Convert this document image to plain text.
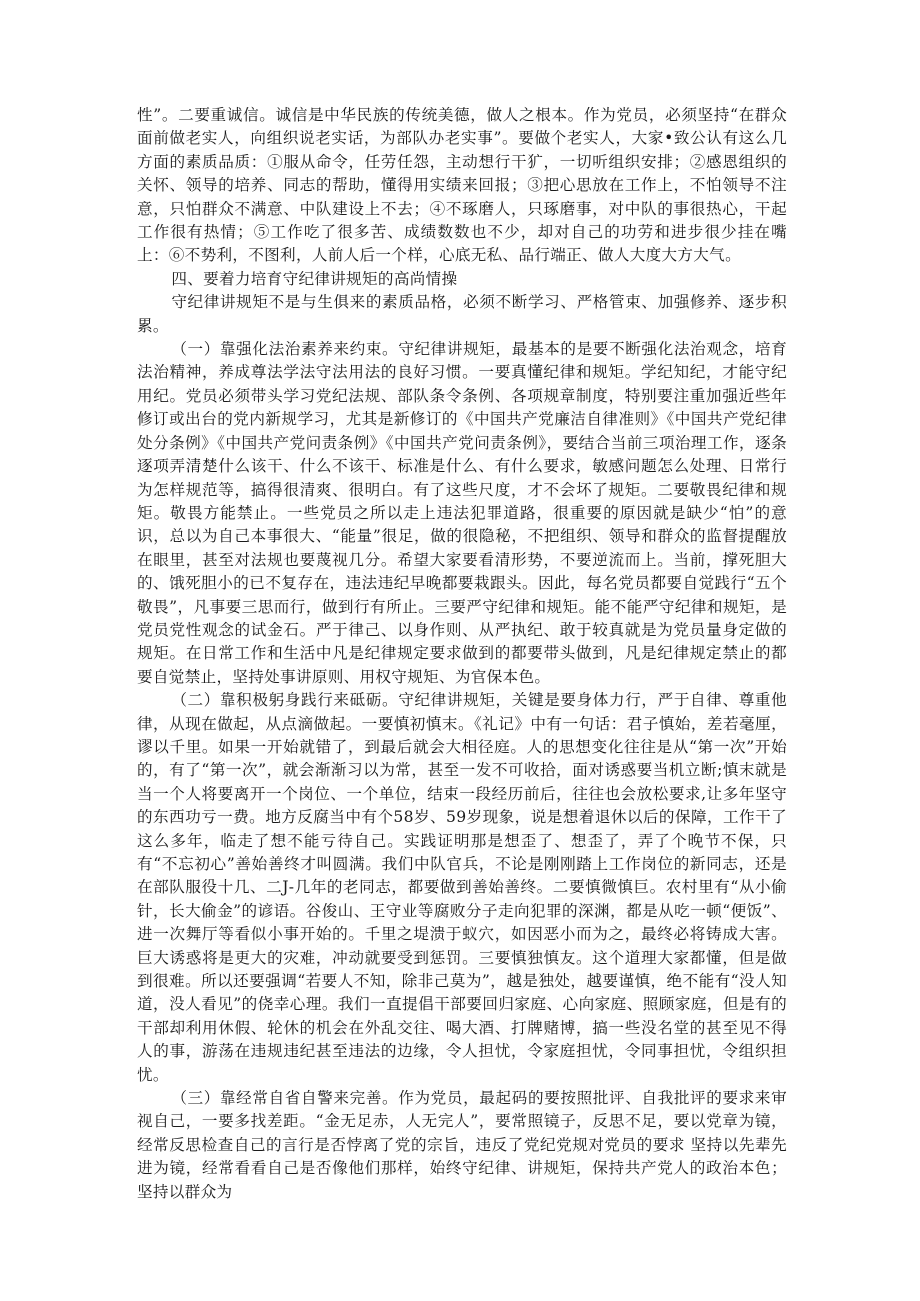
性”。二要重诚信。诚信是中华民族的传统美德，做人之根本。作为党员，必须坚持“在群众面前做老实人，向组织说老实话，为部队办老实事”。要做个老实人，大家•致公认有这么几方面的素质品质：①服从命令，任劳任怨，主动想行干犷，一切听组织安排；②感恩组织的关怀、领导的培养、同志的帮助，懂得用实绩来回报；③把心思放在工作上，不怕领导不注意，只怕群众不满意、中队建设上不去；④不琢磨人，只琢磨事，对中队的事很热心，干起工作很有热情；⑤工作吃了很多苦、成绩数数也不少，却对自己的功劳和进步很少挂在嘴上：⑥不势利，不图利，人前人后一个样，心底无私、品行端正、做人大度大方大气。

四、要着力培育守纪律讲规矩的高尚情操

守纪律讲规矩不是与生俱来的素质品格，必须不断学习、严格管束、加强修养、逐步积累。

（一）靠强化法治素养来约束。守纪律讲规矩，最基本的是要不断强化法治观念，培育法治精神，养成尊法学法守法用法的良好习惯。一要真懂纪律和规矩。学纪知纪，才能守纪用纪。党员必须带头学习党纪法规、部队条令条例、各项规章制度，特别要注重加强近些年修订或出台的党内新规学习，尤其是新修订的《中国共产党廉洁自律准则》《中国共产党纪律处分条例》《中国共产党问责条例》《中国共产党问责条例》，要结合当前三项治理工作，逐条逐项弄清楚什么该干、什么不该干、标准是什么、有什么要求，敏感问题怎么处理、日常行为怎样规范等，搞得很清爽、很明白。有了这些尺度，才不会坏了规矩。二要敬畏纪律和规矩。敬畏方能禁止。一些党员之所以走上违法犯罪道路，很重要的原因就是缺少“怕”的意识，总以为自己本事很大、“能量”很足，做的很隐秘，不把组织、领导和群众的监督提醒放在眼里，甚至对法规也要蔑视几分。希望大家要看清形势，不要逆流而上。当前，撑死胆大的、饿死胆小的已不复存在，违法违纪早晚都要栽跟头。因此，每名党员都要自觉践行“五个敬畏”，凡事要三思而行，做到行有所止。三要严守纪律和规矩。能不能严守纪律和规矩，是党员党性观念的试金石。严于律己、以身作则、从严执纪、敢于较真就是为党员量身定做的规矩。在日常工作和生活中凡是纪律规定要求做到的都要带头做到，凡是纪律规定禁止的都要自觉禁止，坚持处事讲原则、用权守规矩、为官保本色。

（二）靠积极躬身践行来砥砺。守纪律讲规矩，关键是要身体力行，严于自律、尊重他律，从现在做起，从点滴做起。一要慎初慎末。《礼记》中有一句话：君子慎始，差若毫厘，谬以千里。如果一开始就错了，到最后就会大相径庭。人的思想变化往往是从“第一次”开始的，有了“第一次”，就会渐渐习以为常，甚至一发不可收拾，面对诱惑要当机立断;慎末就是当一个人将要离开一个岗位、一个单位，结束一段经历前后，往往也会放松要求,让多年坚守的东西功亏一费。地方反腐当中有个58岁、59岁现象，说是想着退休以后的保障，工作干了这么多年，临走了想不能亏待自己。实践证明那是想歪了、想歪了，弄了个晚节不保，只有“不忘初心”善始善终才叫圆满。我们中队官兵，不论是刚刚踏上工作岗位的新同志，还是在部队服役十几、二J-几年的老同志，都要做到善始善终。二要慎微慎巨。农村里有“从小偷针，长大偷金”的谚语。谷俊山、王守业等腐败分子走向犯罪的深渊，都是从吃一顿“便饭”、进一次舞厅等看似小事开始的。千里之堤溃于蚁穴，如因恶小而为之，最终必将铸成大害。巨大诱惑将是更大的灾难，冲动就要受到惩罚。三要慎独慎友。这个道理大家都懂，但是做到很难。所以还要强调“若要人不知，除非己莫为”，越是独处，越要谨慎，绝不能有“没人知道，没人看见”的侥幸心理。我们一直提倡干部要回归家庭、心向家庭、照顾家庭，但是有的干部却利用休假、轮休的机会在外乱交往、喝大酒、打牌赌博，搞一些没名堂的甚至见不得人的事，游荡在违规违纪甚至违法的边缘，令人担忧，令家庭担忧，令同事担忧，令组织担忧。

（三）靠经常自省自警来完善。作为党员，最起码的要按照批评、自我批评的要求来审视自己，一要多找差距。“金无足赤，人无完人”，要常照镜子，反思不足，要以党章为镜，经常反思检查自己的言行是否悖离了党的宗旨，违反了党纪党规对党员的要求 坚持以先辈先进为镜，经常看看自己是否像他们那样，始终守纪律、讲规矩，保持共产党人的政治本色；坚持以群众为
